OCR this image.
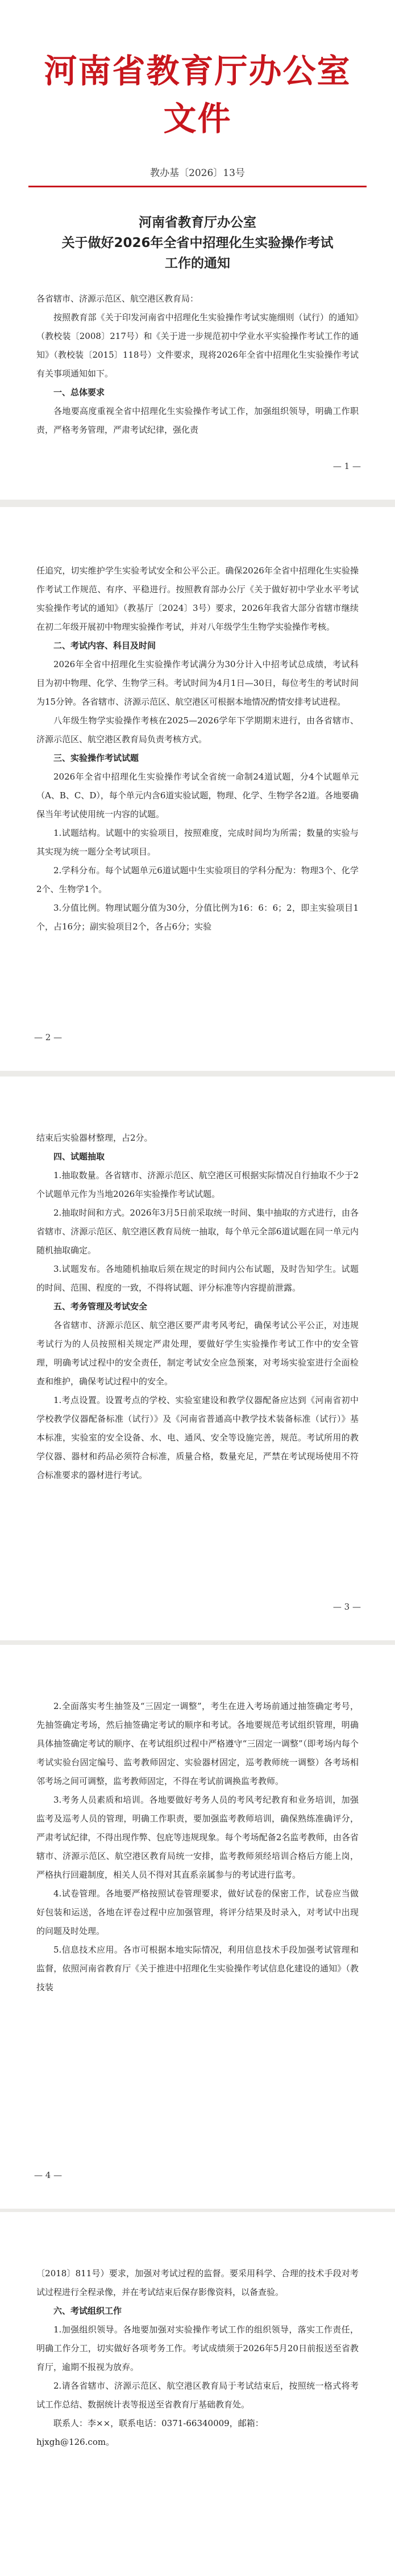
河南省教育厅办公室文件
教办基〔2026〕13号
河南省教育厅办公室
关于做好2026年全省中招理化生实验操作考试
工作的通知

各省辖市、济源示范区、航空港区教育局：

按照教育部《关于印发河南省中招理化生实验操作考试实施细则（试行）的通知》（教校装〔2008〕217号）和《关于进一步规范初中学业水平实验操作考试工作的通知》（教校装〔2015〕118号）文件要求，现将2026年全省中招理化生实验操作考试有关事项通知如下。

一、总体要求

各地要高度重视全省中招理化生实验操作考试工作，加强组织领导，明确工作职责，严格考务管理，严肃考试纪律，强化责

— 1 —

任追究，切实维护学生实验考试安全和公平公正。确保2026年全省中招理化生实验操作考试工作规范、有序、平稳进行。按照教育部办公厅《关于做好初中学业水平考试实验操作考试的通知》（教基厅〔2024〕3号）要求，2026年我省大部分省辖市继续在初二年级开展初中物理实验操作考试，并对八年级学生生物学实验操作考核。

二、考试内容、科目及时间

2026年全省中招理化生实验操作考试满分为30分计入中招考试总成绩，考试科目为初中物理、化学、生物学三科。考试时间为4月1日—30日，每位考生的考试时间为15分钟。各省辖市、济源示范区、航空港区可根据本地情况酌情安排考试进程。

八年级生物学实验操作考核在2025—2026学年下学期期末进行，由各省辖市、济源示范区、航空港区教育局负责考核方式。

三、实验操作考试试题

2026年全省中招理化生实验操作考试全省统一命制24道试题，分4个试题单元（A、B、C、D），每个单元内含6道实验试题，物理、化学、生物学各2道。各地要确保当年考试使用统一内容的试题。

1.试题结构。试题中的实验项目，按照难度，完成时间均为所需；数量的实验与其实现为统一题分全考试项目。

2.学科分布。每个试题单元6道试题中生实验项目的学科分配为：物理3个、化学2个、生物学1个。

3.分值比例。物理试题分值为30分，分值比例为16：6：6；2，即主实验项目1个，占16分；副实验项目2个，各占6分；实验

— 2 —

结束后实验器材整理，占2分。

四、试题抽取

1.抽取数量。各省辖市、济源示范区、航空港区可根据实际情况自行抽取不少于2个试题单元作为当地2026年实验操作考试试题。

2.抽取时间和方式。2026年3月5日前采取统一时间、集中抽取的方式进行，由各省辖市、济源示范区、航空港区教育局统一抽取，每个单元全部6道试题在同一单元内随机抽取确定。

3.试题发布。各地随机抽取后须在规定的时间内公布试题，及时告知学生。试题的时间、范围、程度的一致，不得将试题、评分标准等内容提前泄露。

五、考务管理及考试安全

各省辖市、济源示范区、航空港区要严肃考风考纪，确保考试公平公正，对违规考试行为的人员按照相关规定严肃处理，要做好学生实验操作考试工作中的安全管理，明确考试过程中的安全责任，制定考试安全应急预案，对考场实验室进行全面检查和维护，确保考试过程中的安全。

1.考点设置。设置考点的学校、实验室建设和教学仪器配备应达到《河南省初中学校教学仪器配备标准（试行）》及《河南省普通高中教学技术装备标准（试行）》基本标准，实验室的安全设备、水、电、通风、安全等设施完善，规范。考试所用的教学仪器、器材和药品必须符合标准，质量合格，数量充足，严禁在考试现场使用不符合标准要求的器材进行考试。

— 3 —

2.全面落实考生抽签及“三固定一调整”，考生在进入考场前通过抽签确定考号，先抽签确定考场，然后抽签确定考试的顺序和考试。各地要规范考试组织管理，明确具体抽签确定考试的顺序、在考试组织过程中严格遵守“三固定一调整”（即考场内每个考试实验台固定编号、监考教师固定、实验器材固定，巡考教师统一调整）各考场相邻考场之间可调整，监考教师固定，不得在考试前调换监考教师。

3.考务人员素质和培训。各地要做好考务人员的考风考纪教育和业务培训，加强监考及巡考人员的管理，明确工作职责，要加强监考教师培训，确保熟练准确评分，严肃考试纪律，不得出现作弊、包庇等违规现象。每个考场配备2名监考教师，由各省辖市、济源示范区、航空港区教育局统一安排，监考教师须经培训合格后方能上岗，严格执行回避制度，相关人员不得对其直系亲属参与的考试进行监考。

4.试卷管理。各地要严格按照试卷管理要求，做好试卷的保密工作，试卷应当做好包装和运送，各地在评卷过程中应加强管理，将评分结果及时录入，对考试中出现的问题及时处理。

5.信息技术应用。各市可根据本地实际情况，利用信息技术手段加强考试管理和监督，依照河南省教育厅《关于推进中招理化生实验操作考试信息化建设的通知》（教技装

— 4 —

〔2018〕811号）要求，加强对考试过程的监督。要采用科学、合理的技术手段对考试过程进行全程录像，并在考试结束后保存影像资料，以备查验。

六、考试组织工作

1.加强组织领导。各地要加强对实验操作考试工作的组织领导，落实工作责任，明确工作分工，切实做好各项考务工作。考试成绩须于2026年5月20日前报送至省教育厅，逾期不报视为放弃。

2.请各省辖市、济源示范区、航空港区教育局于考试结束后，按照统一格式将考试工作总结、数据统计表等报送至省教育厅基础教育处。

联系人：李××，联系电话：0371-66340009，邮箱：

hjxgh@126.com。
